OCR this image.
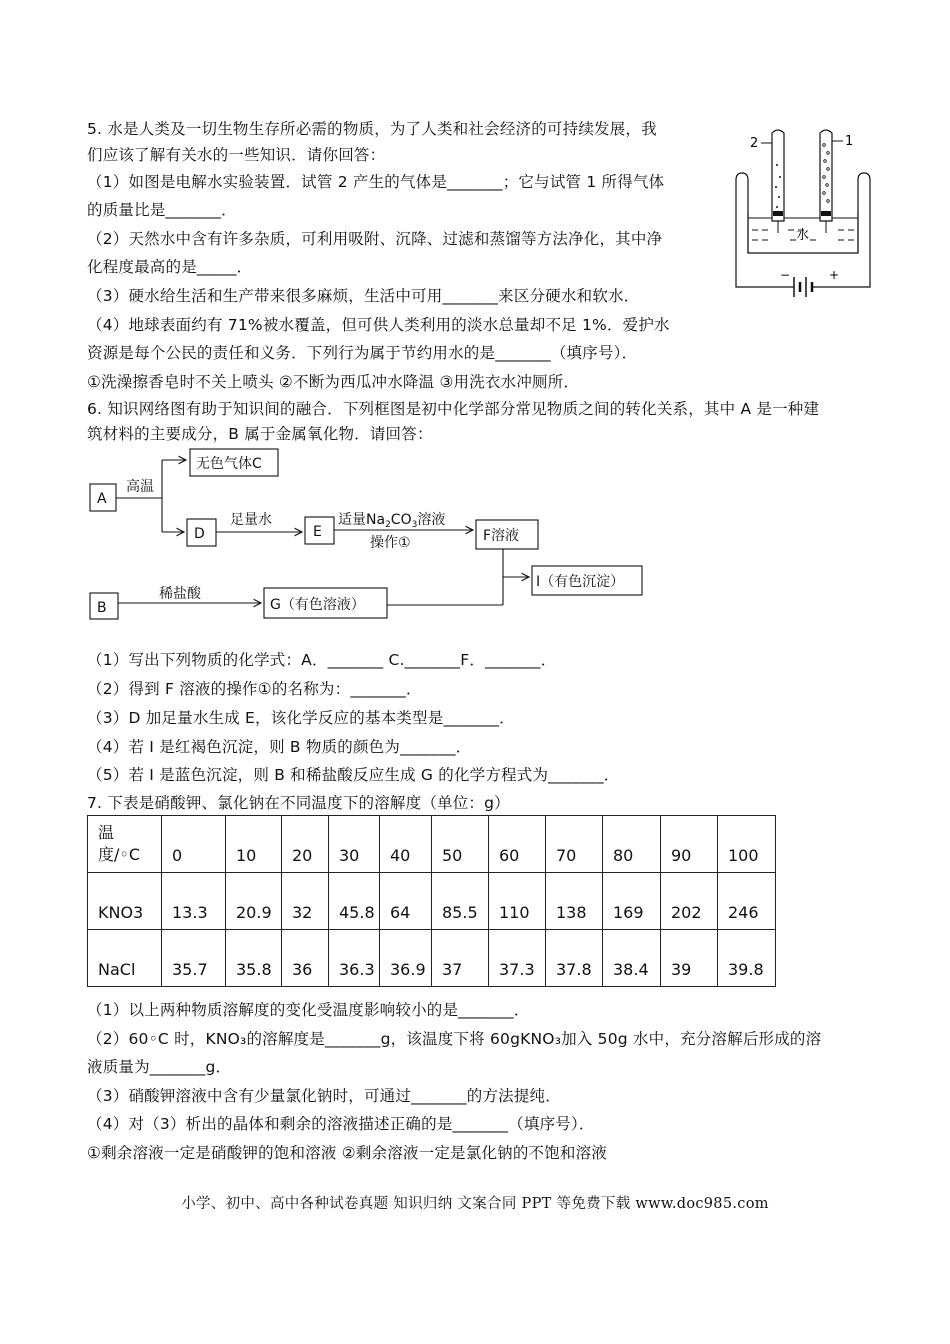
5. 水是人类及一切生物生存所必需的物质，为了人类和社会经济的可持续发展，我
们应该了解有关水的一些知识．请你回答：
（1）如图是电解水实验装置．试管 2 产生的气体是_______；它与试管 1 所得气体
的质量比是_______．
（2）天然水中含有许多杂质，可利用吸附、沉降、过滤和蒸馏等方法净化，其中净
化程度最高的是_____．
（3）硬水给生活和生产带来很多麻烦，生活中可用_______来区分硬水和软水．
（4）地球表面约有 71%被水覆盖，但可供人类利用的淡水总量却不足 1%．爱护水
资源是每个公民的责任和义务．下列行为属于节约用水的是_______（填序号）．
①洗澡擦香皂时不关上喷头 ②不断为西瓜冲水降温 ③用洗衣水冲厕所．
2	1
水
−	+
6. 知识网络图有助于知识间的融合．下列框图是初中化学部分常见物质之间的转化关系，其中 A 是一种建
筑材料的主要成分，B 属于金属氧化物．请回答：
A
无色气体C
D	E	F溶液
I（有色沉淀）
B	G（有色溶液）
高温
足量水	适量$Na_2CO_3$溶液
操作①
稀盐酸
（1）写出下列物质的化学式：A．_______ C._______F．_______．
（2）得到 F 溶液的操作①的名称为：_______．
（3）D 加足量水生成 E，该化学反应的基本类型是_______．
（4）若 I 是红褐色沉淀，则 B 物质的颜色为_______．
（5）若 I 是蓝色沉淀，则 B 和稀盐酸反应生成 G 的化学方程式为_______．
7. 下表是硝酸钾、氯化钠在不同温度下的溶解度（单位：g）
温
度/◦C	0	10	20	30	40	50	60	70	80	90	100
KNO3	13.3	20.9	32	45.8	64	85.5	110	138	169	202	246
NaCl	35.7	35.8	36	36.3	36.9	37	37.3	37.8	38.4	39	39.8
（1）以上两种物质溶解度的变化受温度影响较小的是_______．
（2）60◦C 时，KNO₃的溶解度是_______g，该温度下将 60gKNO₃加入 50g 水中，充分溶解后形成的溶
液质量为_______g．
（3）硝酸钾溶液中含有少量氯化钠时，可通过_______的方法提纯．
（4）对（3）析出的晶体和剩余的溶液描述正确的是_______（填序号）．
①剩余溶液一定是硝酸钾的饱和溶液 ②剩余溶液一定是氯化钠的不饱和溶液
小学、初中、高中各种试卷真题 知识归纳 文案合同 PPT 等免费下载 www.doc985.com
